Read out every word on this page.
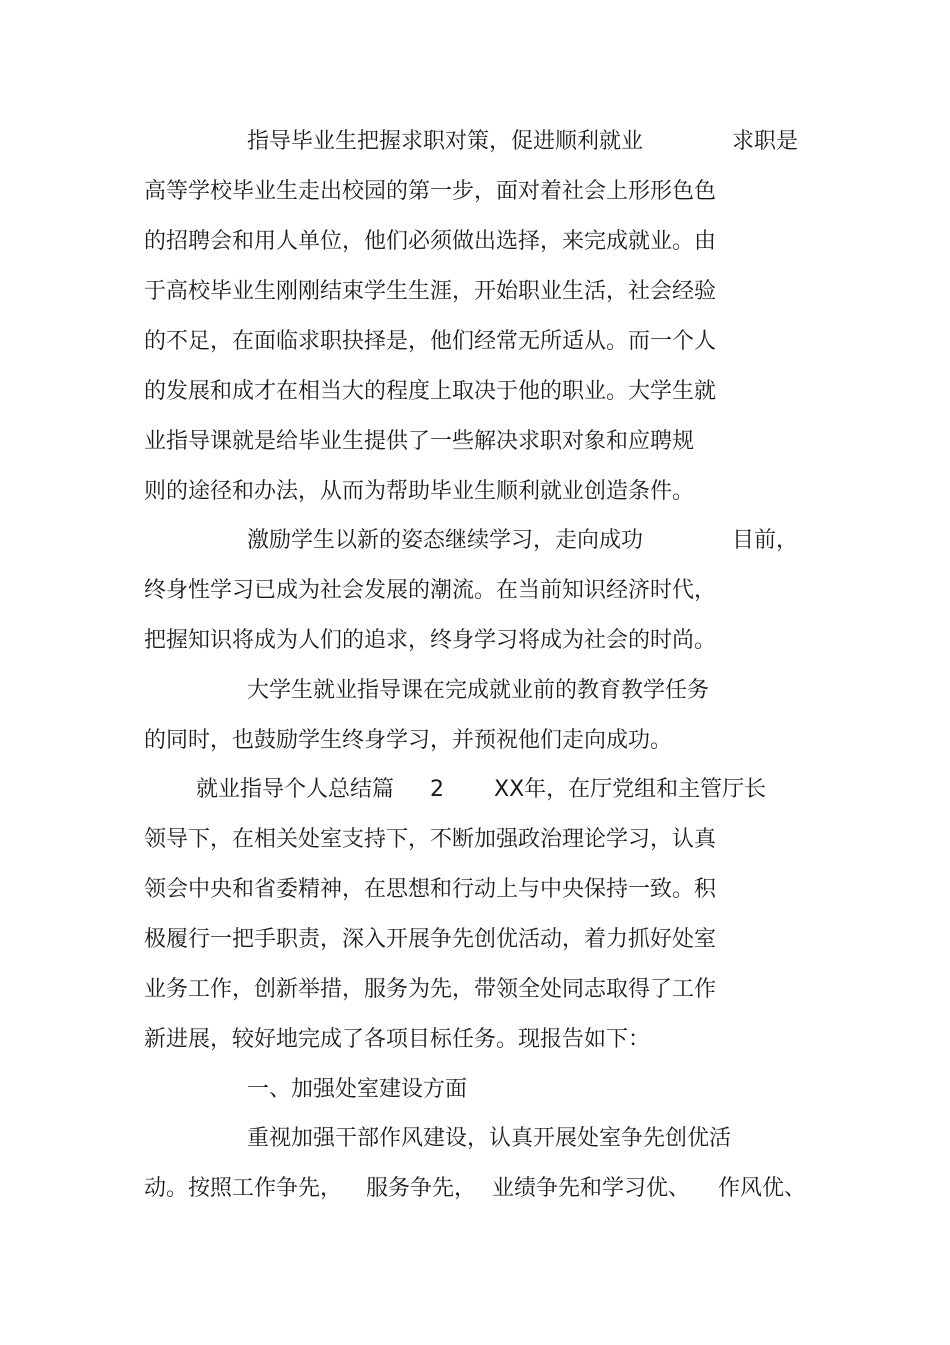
指导毕业生把握求职对策，促进顺利就业	求职是
高等学校毕业生走出校园的第一步，面对着社会上形形色色
的招聘会和用人单位，他们必须做出选择，来完成就业。由
于高校毕业生刚刚结束学生生涯，开始职业生活，社会经验
的不足，在面临求职抉择是，他们经常无所适从。而一个人
的发展和成才在相当大的程度上取决于他的职业。大学生就
业指导课就是给毕业生提供了一些解决求职对象和应聘规
则的途径和办法，从而为帮助毕业生顺利就业创造条件。
激励学生以新的姿态继续学习，走向成功	目前，
终身性学习已成为社会发展的潮流。在当前知识经济时代，
把握知识将成为人们的追求，终身学习将成为社会的时尚。
大学生就业指导课在完成就业前的教育教学任务
的同时，也鼓励学生终身学习，并预祝他们走向成功。
就业指导个人总结篇 2 XX年，在厅党组和主管厅长
领导下，在相关处室支持下，不断加强政治理论学习，认真
领会中央和省委精神，在思想和行动上与中央保持一致。积
极履行一把手职责，深入开展争先创优活动，着力抓好处室
业务工作，创新举措，服务为先，带领全处同志取得了工作
新进展，较好地完成了各项目标任务。现报告如下：
一、加强处室建设方面
重视加强干部作风建设，认真开展处室争先创优活
动。按照工作争先， 服务争先， 业绩争先和学习优、 作风优、
